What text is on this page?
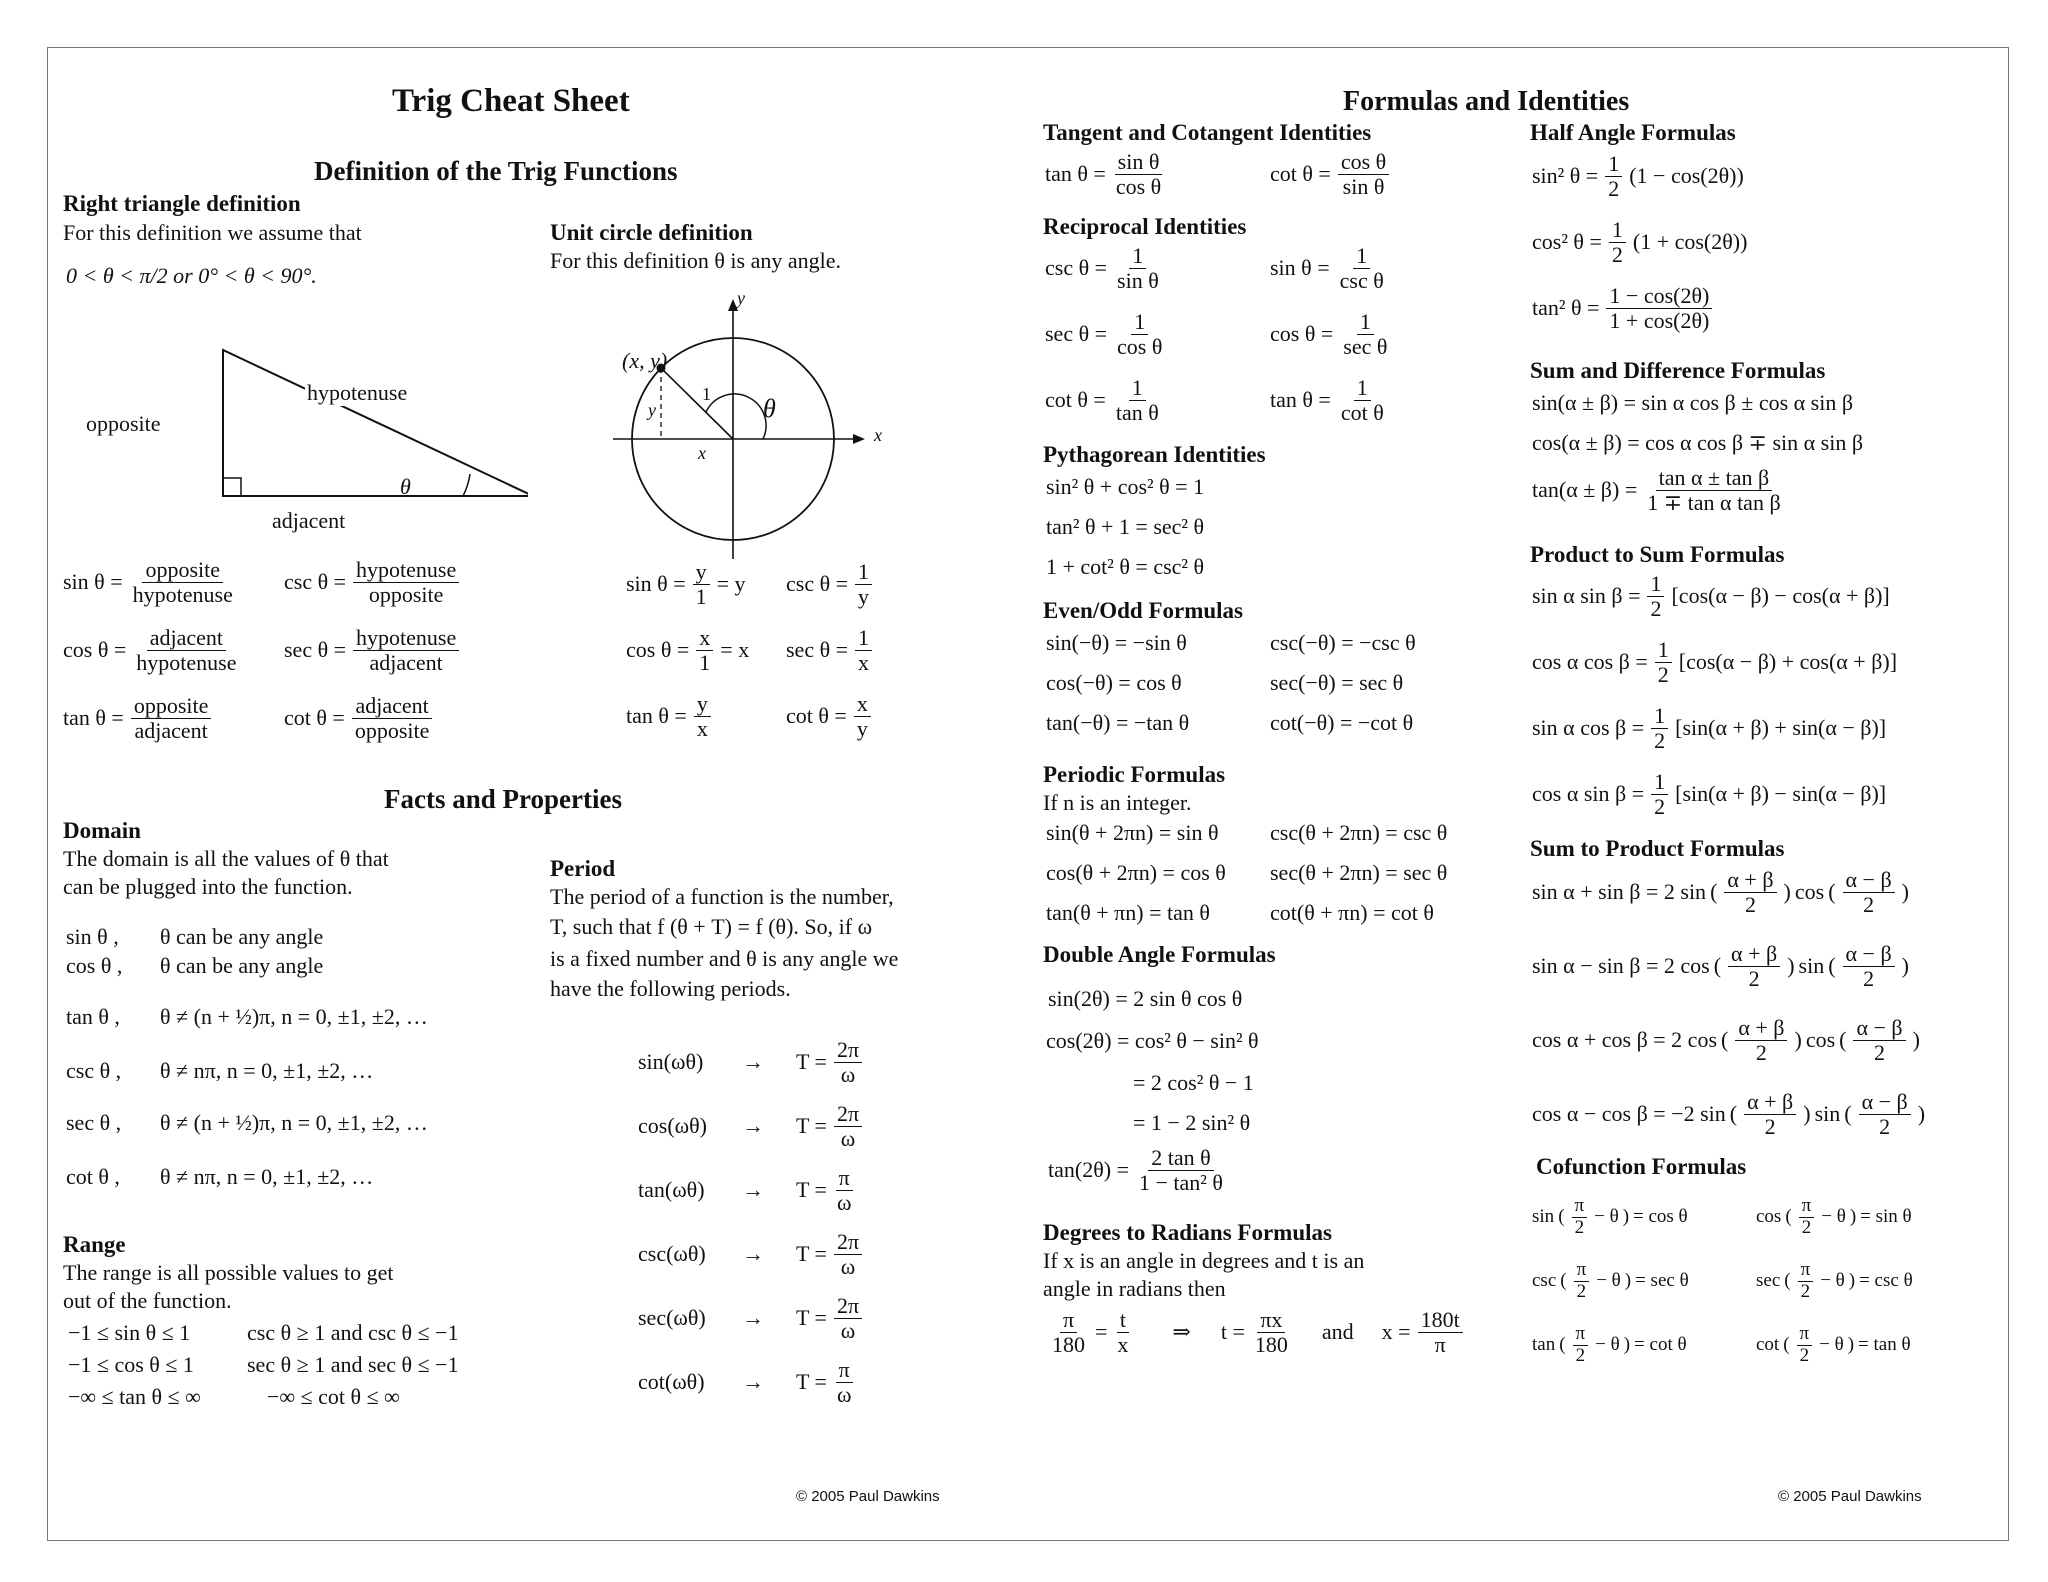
Trig Cheat Sheet
Definition of the Trig Functions
Right triangle definition
For this definition we assume that
0 < θ < π/2 or 0° < θ < 90°.
hypotenuse
opposite
adjacent
θ
Unit circle definition
For this definition θ is any angle.
(x, y)
x
y
y
x
1 θ
$\sin \theta = \frac{\text{opposite}}{\text{hypotenuse}}$ $\csc \theta = \frac{\text{hypotenuse}}{\text{opposite}}$
$\cos \theta = \frac{\text{adjacent}}{\text{hypotenuse}}$ $\sec \theta = \frac{\text{hypotenuse}}{\text{adjacent}}$
$\tan \theta = \frac{\text{opposite}}{\text{adjacent}}$	$\cot \theta = \frac{\text{adjacent}}{\text{opposite}}$
$\sin \theta = \frac{y}{1} = y$ $\csc \theta = \frac{1}{y}$
$\cos \theta = \frac{x}{1} = x$ $\sec \theta = \frac{1}{x}$
$\tan \theta = \frac{y}{x}$	$\cot \theta = \frac{x}{y}$
Facts and Properties
Domain
The domain is all the values of θ that
can be plugged into the function.
sin θ ,	θ can be any angle
cos θ ,	θ can be any angle
tan θ ,	θ ≠ (n + ½)π, n = 0, ±1, ±2, …
csc θ ,	θ ≠ nπ, n = 0, ±1, ±2, …
sec θ ,	θ ≠ (n + ½)π, n = 0, ±1, ±2, …
cot θ ,	θ ≠ nπ, n = 0, ±1, ±2, …
Range
The range is all possible values to get
out of the function.
−1 ≤ sin θ ≤ 1	csc θ ≥ 1 and csc θ ≤ −1
−1 ≤ cos θ ≤ 1	sec θ ≥ 1 and sec θ ≤ −1
−∞ ≤ tan θ ≤ ∞	−∞ ≤ cot θ ≤ ∞
Period
The period of a function is the number,
T, such that f (θ + T) = f (θ). So, if ω
is a fixed number and θ is any angle we
have the following periods.
sin(ωθ)	→	$T = \frac{2\pi}{\omega}$
cos(ωθ)	→	$T = \frac{2\pi}{\omega}$
tan(ωθ)	→	$T = \frac{\pi}{\omega}$
csc(ωθ)	→	$T = \frac{2\pi}{\omega}$
sec(ωθ)	→	$T = \frac{2\pi}{\omega}$
cot(ωθ)	→	$T = \frac{\pi}{\omega}$
© 2005 Paul Dawkins
Formulas and Identities
Tangent and Cotangent Identities
$\tan \theta = \frac{\text{sin θ}}{\text{cos θ}}$	$\cot \theta = \frac{\text{cos θ}}{\text{sin θ}}$
Reciprocal Identities
$\csc \theta = \frac{1}{\text{sin θ}}$	$\sin \theta = \frac{1}{\text{csc θ}}$
$\sec \theta = \frac{1}{\text{cos θ}}$	$\cos \theta = \frac{1}{\text{sec θ}}$
$\cot \theta = \frac{1}{\text{tan θ}}$	$\tan \theta = \frac{1}{\text{cot θ}}$
Pythagorean Identities
sin² θ + cos² θ = 1
tan² θ + 1 = sec² θ
1 + cot² θ = csc² θ
Even/Odd Formulas
sin(−θ) = −sin θ	csc(−θ) = −csc θ
cos(−θ) = cos θ	sec(−θ) = sec θ
tan(−θ) = −tan θ	cot(−θ) = −cot θ
Periodic Formulas
If n is an integer.
sin(θ + 2πn) = sin θ csc(θ + 2πn) = csc θ
cos(θ + 2πn) = cos θ sec(θ + 2πn) = sec θ
tan(θ + πn) = tan θ	cot(θ + πn) = cot θ
Double Angle Formulas
sin(2θ) = 2 sin θ cos θ
cos(2θ) = cos² θ − sin² θ
= 2 cos² θ − 1
= 1 − 2 sin² θ
$\tan(2\theta) = \frac{\text{2 tan θ}}{\text{1 − tan² θ}}$
Degrees to Radians Formulas
If x is an angle in degrees and t is an
angle in radians then
$\frac{\pi}{180} = \frac{t}{x}$ ⇒ $t = \frac{\pi x}{180}$ and $x = \frac{180t}{\pi}$
Half Angle Formulas
sin² $\theta = \frac{1}{2} (1 - \cos(2\theta))$
cos² $\theta = \frac{1}{2} (1 + \cos(2\theta))$
tan² $\theta = \frac{1 - \cos(2\theta)}{1 + \cos(2\theta)}$
Sum and Difference Formulas
sin(α ± β) = sin α cos β ± cos α sin β
cos(α ± β) = cos α cos β ∓ sin α sin β
$\tan(\alpha \pm \beta) = \frac{\text{tan α ± tan β}}{\text{1 ∓ tan α tan β}}$
Product to Sum Formulas
sin α $\sin \beta = \frac{1}{2} [\cos(\alpha - \beta) - \cos(\alpha + \beta)]$
cos α $\cos \beta = \frac{1}{2} [\cos(\alpha - \beta) + \cos(\alpha + \beta)]$
sin α $\cos \beta = \frac{1}{2} [\sin(\alpha + \beta) + \sin(\alpha - \beta)]$
cos α $\sin \beta = \frac{1}{2} [\sin(\alpha + \beta) - \sin(\alpha - \beta)]$
Sum to Product Formulas
sin α + sin β = 2 sin ( $\frac{\alpha + \beta}{2}$ ) cos ( $\frac{\alpha - \beta}{2}$ )
sin α − sin β = 2 cos ( $\frac{\alpha + \beta}{2}$ ) sin ( $\frac{\alpha - \beta}{2}$ )
cos α + cos β = 2 cos ( $\frac{\alpha + \beta}{2}$ ) cos ( $\frac{\alpha - \beta}{2}$ )
cos α − cos β = −2 sin ( $\frac{\alpha + \beta}{2}$ ) sin ( $\frac{\alpha - \beta}{2}$ )
Cofunction Formulas
sin ( $\frac{\pi}{2} - \theta$ ) = cos θ	cos ( $\frac{\pi}{2} - \theta$ ) = sin θ
csc ( $\frac{\pi}{2} - \theta$ ) = sec θ	sec ( $\frac{\pi}{2} - \theta$ ) = csc θ
tan ( $\frac{\pi}{2} - \theta$ ) = cot θ	cot ( $\frac{\pi}{2} - \theta$ ) = tan θ
© 2005 Paul Dawkins
